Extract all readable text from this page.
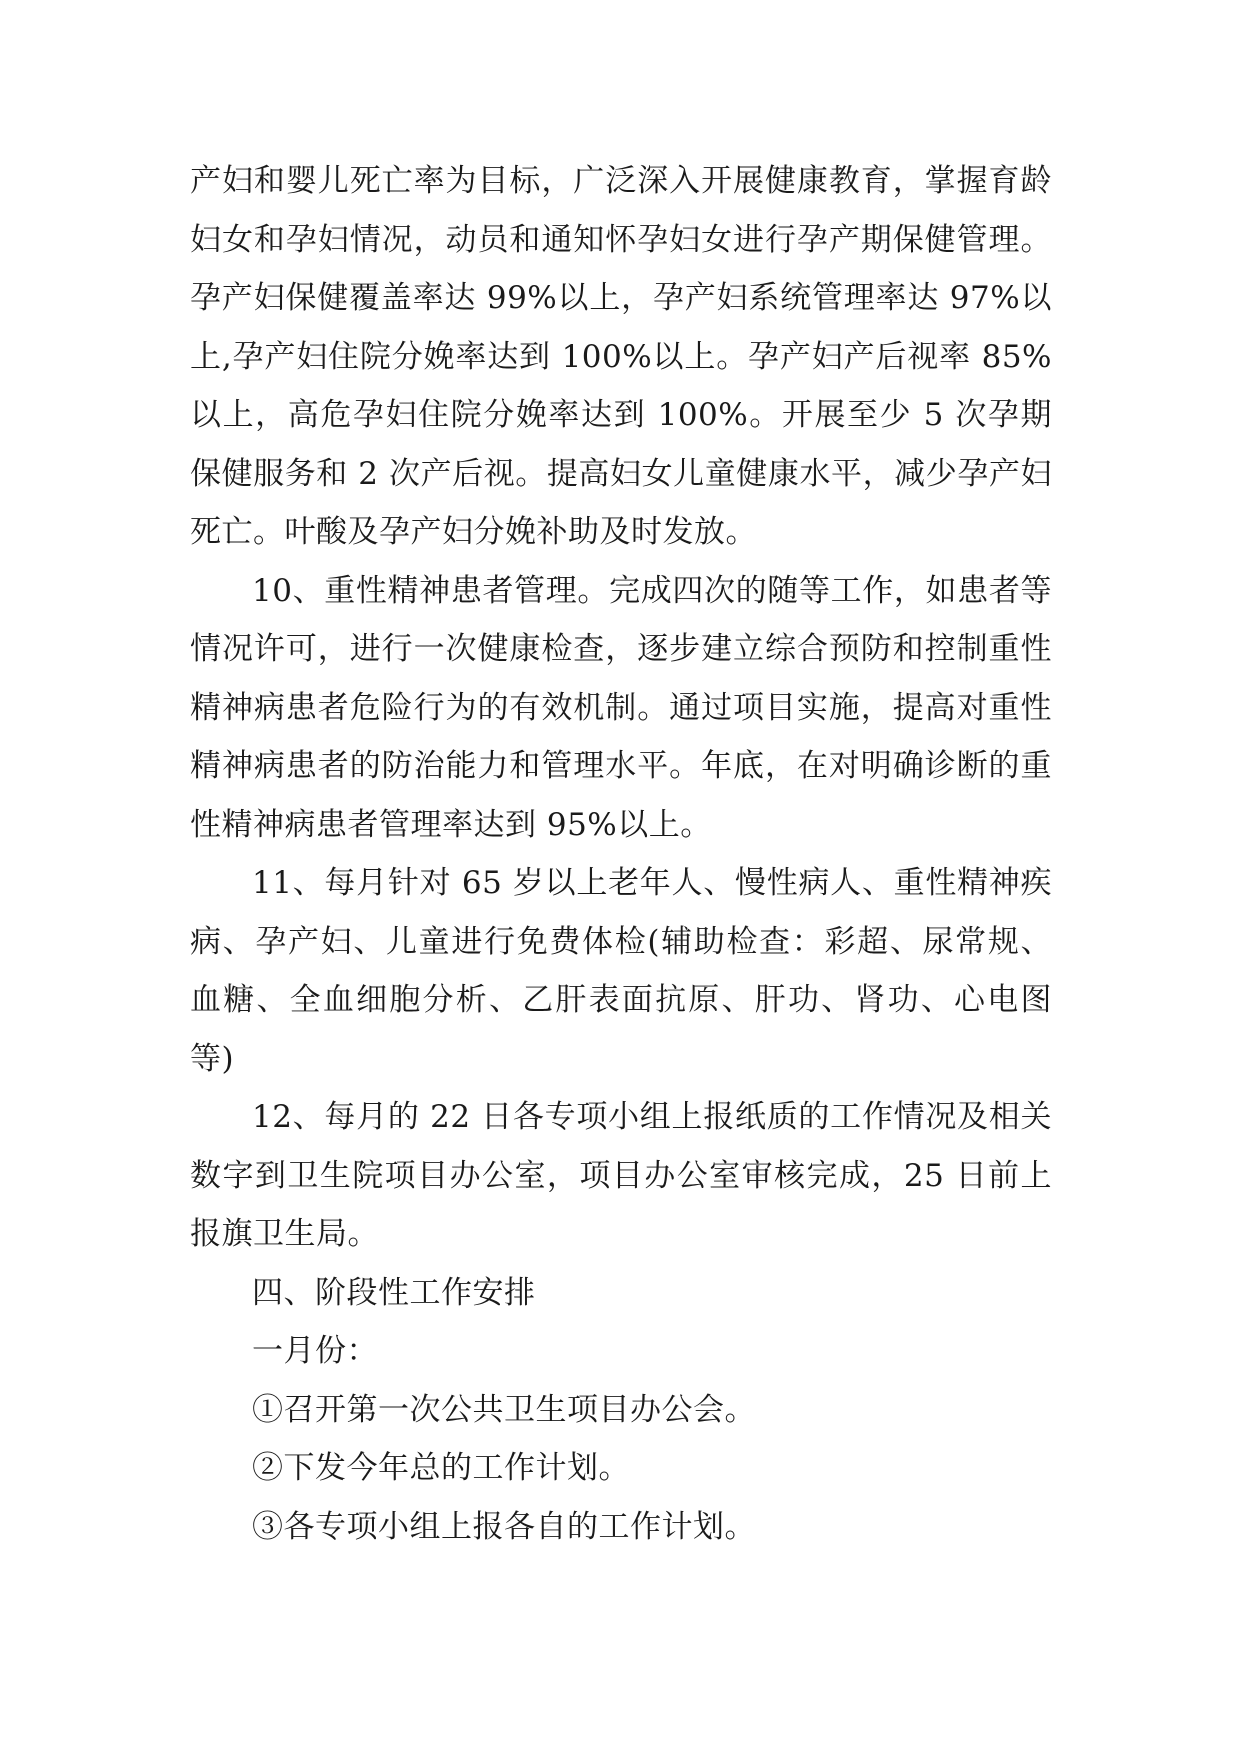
产妇和婴儿死亡率为目标，广泛深入开展健康教育，掌握育龄妇女和孕妇情况，动员和通知怀孕妇女进行孕产期保健管理。孕产妇保健覆盖率达 99%以上，孕产妇系统管理率达 97%以上,孕产妇住院分娩率达到 100%以上。孕产妇产后视率 85%以上，高危孕妇住院分娩率达到 100%。开展至少 5 次孕期保健服务和 2 次产后视。提高妇女儿童健康水平，减少孕产妇死亡。叶酸及孕产妇分娩补助及时发放。

10、重性精神患者管理。完成四次的随等工作，如患者等情况许可，进行一次健康检查，逐步建立综合预防和控制重性精神病患者危险行为的有效机制。通过项目实施，提高对重性精神病患者的防治能力和管理水平。年底，在对明确诊断的重性精神病患者管理率达到 95%以上。

11、每月针对 65 岁以上老年人、慢性病人、重性精神疾病、孕产妇、儿童进行免费体检(辅助检查：彩超、尿常规、血糖、全血细胞分析、乙肝表面抗原、肝功、肾功、心电图等)

12、每月的 22 日各专项小组上报纸质的工作情况及相关数字到卫生院项目办公室，项目办公室审核完成，25 日前上报旗卫生局。

四、阶段性工作安排

一月份：

①召开第一次公共卫生项目办公会。

②下发今年总的工作计划。

③各专项小组上报各自的工作计划。
